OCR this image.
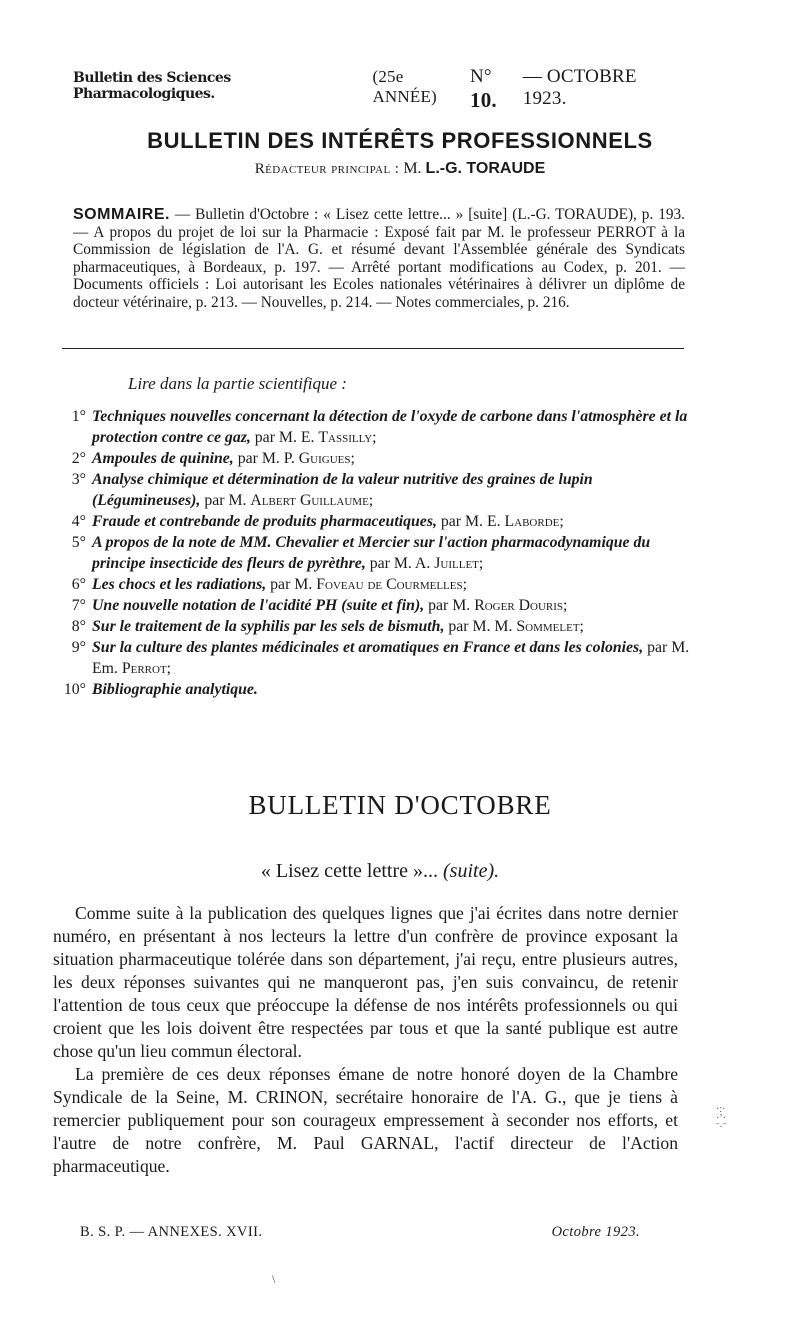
Bulletin des Sciences Pharmacologiques.
(25e ANNÉE)
N° 10.
— OCTOBRE 1923.
BULLETIN DES INTÉRÊTS PROFESSIONNELS
Rédacteur principal : M. L.-G. TORAUDE
SOMMAIRE. — Bulletin d'Octobre : « Lisez cette lettre... » [suite] (L.-G. TORAUDE), p. 193. — A propos du projet de loi sur la Pharmacie : Exposé fait par M. le professeur PERROT à la Commission de législation de l'A. G. et résumé devant l'Assemblée générale des Syndicats pharmaceutiques, à Bordeaux, p. 197. — Arrêté portant modifications au Codex, p. 201. — Documents officiels : Loi autorisant les Ecoles nationales vétérinaires à délivrer un diplôme de docteur vétérinaire, p. 213. — Nouvelles, p. 214. — Notes commerciales, p. 216.
Lire dans la partie scientifique :
1° Techniques nouvelles concernant la détection de l'oxyde de carbone dans l'atmosphère et la protection contre ce gaz, par M. E. Tassilly;
2° Ampoules de quinine, par M. P. Guigues;
3° Analyse chimique et détermination de la valeur nutritive des graines de lupin (Légumineuses), par M. Albert Guillaume;
4° Fraude et contrebande de produits pharmaceutiques, par M. E. Laborde;
5° A propos de la note de MM. Chevalier et Mercier sur l'action pharmacodynamique du principe insecticide des fleurs de pyrèthre, par M. A. Juillet;
6° Les chocs et les radiations, par M. Foveau de Courmelles;
7° Une nouvelle notation de l'acidité PH (suite et fin), par M. Roger Douris;
8° Sur le traitement de la syphilis par les sels de bismuth, par M. M. Sommelet;
9° Sur la culture des plantes médicinales et aromatiques en France et dans les colonies, par M. Em. Perrot;
10° Bibliographie analytique.
BULLETIN D'OCTOBRE
« Lisez cette lettre »... (suite).

Comme suite à la publication des quelques lignes que j'ai écrites dans notre dernier numéro, en présentant à nos lecteurs la lettre d'un confrère de province exposant la situation pharmaceutique tolérée dans son département, j'ai reçu, entre plusieurs autres, les deux réponses suivantes qui ne manqueront pas, j'en suis convaincu, de retenir l'attention de tous ceux que préoccupe la défense de nos intérêts professionnels ou qui croient que les lois doivent être respectées par tous et que la santé publique est autre chose qu'un lieu commun électoral.

La première de ces deux réponses émane de notre honoré doyen de la Chambre Syndicale de la Seine, M. CRINON, secrétaire honoraire de l'A. G., que je tiens à remercier publiquement pour son courageux empressement à seconder nos efforts, et l'autre de notre confrère, M. Paul GARNAL, l'actif directeur de l'Action pharmaceutique.

B. S. P. — ANNEXES. XVII.	Octobre 1923.
·:·
·ʼ·
ˉ·ˉ
\
